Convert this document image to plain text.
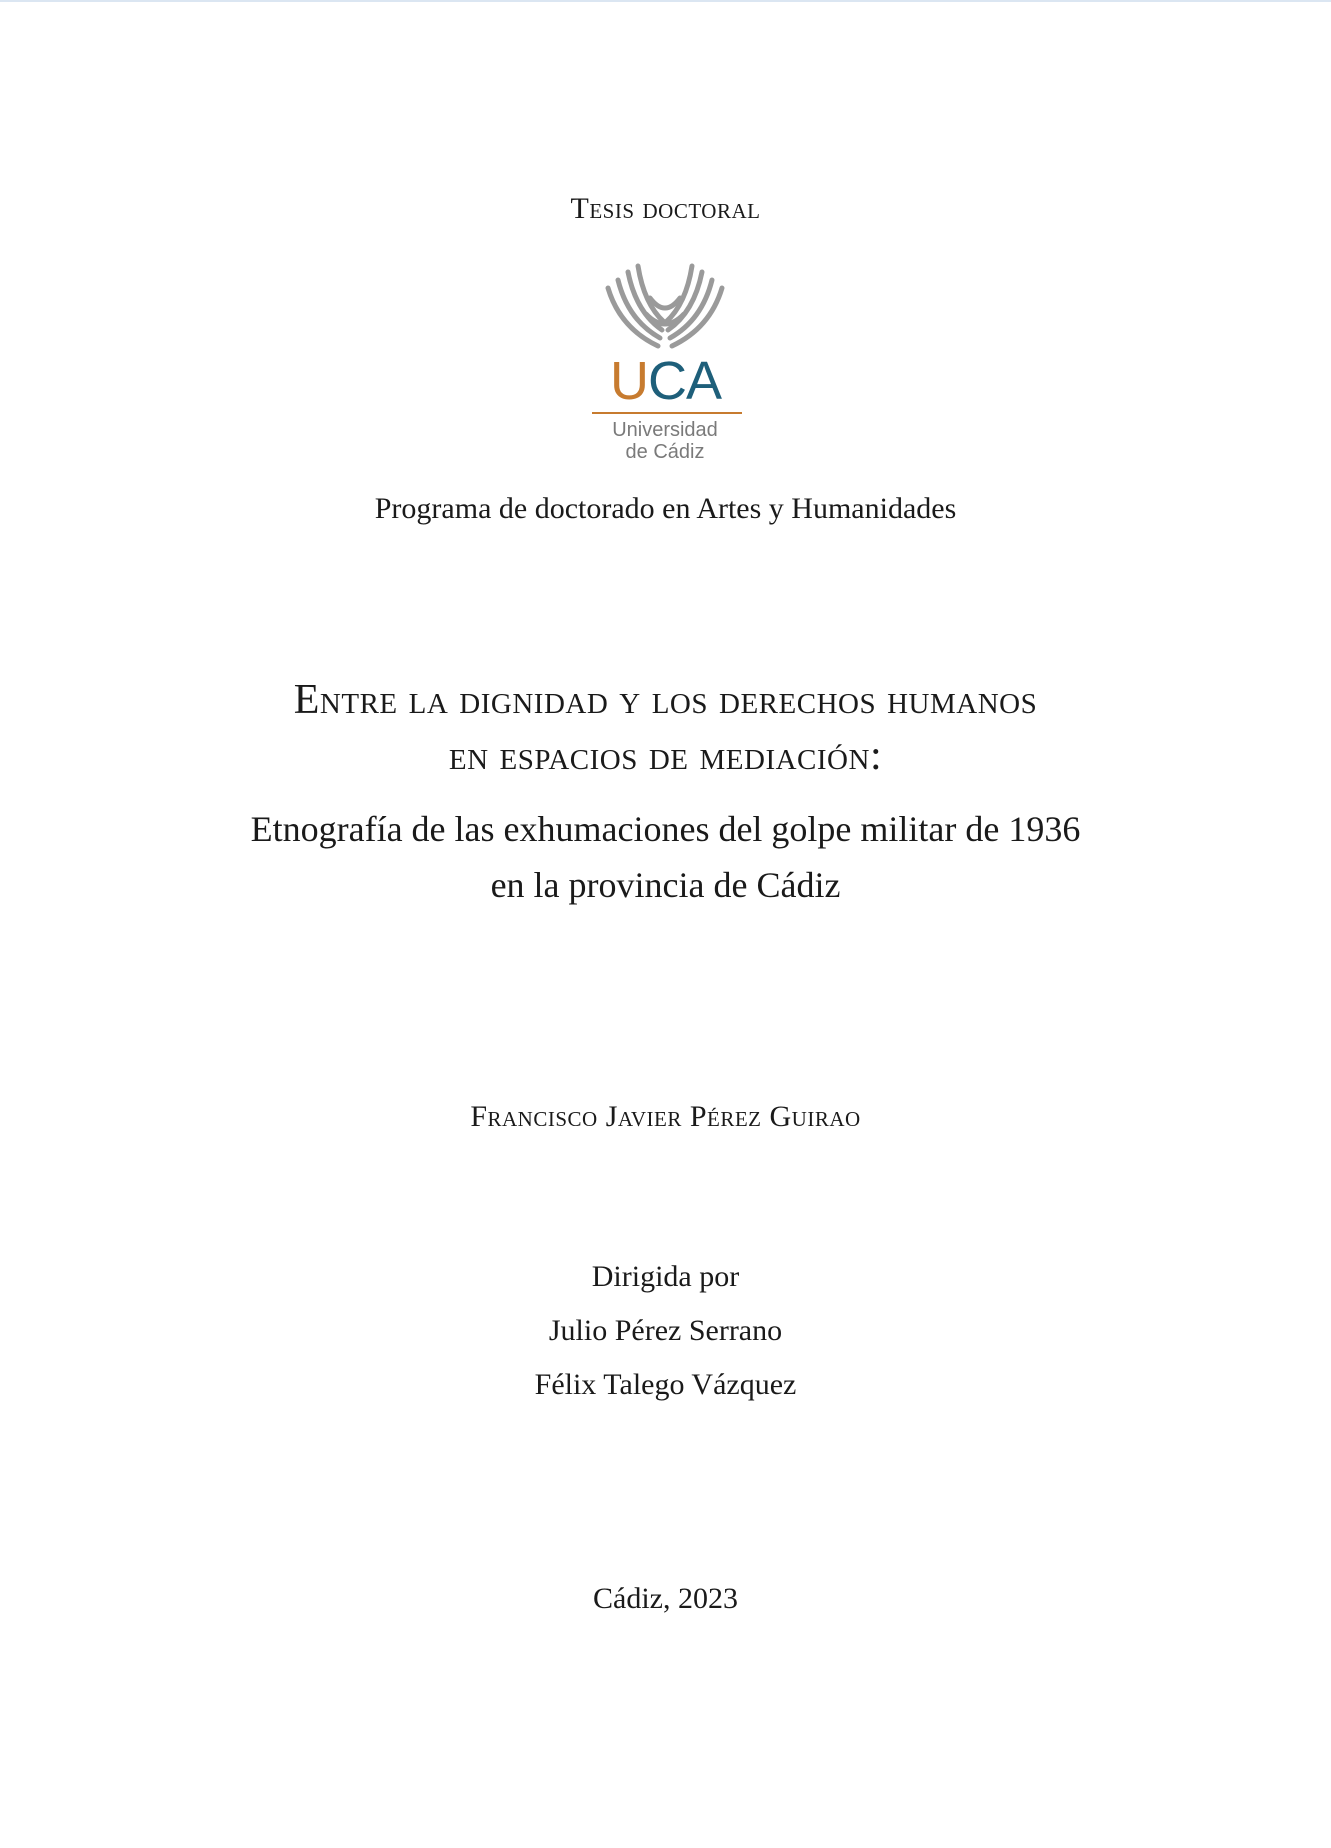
Tesis doctoral
UCA
Universidad
de Cádiz
Programa de doctorado en Artes y Humanidades
Entre la dignidad y los derechos humanos
en espacios de mediación:
Etnografía de las exhumaciones del golpe militar de 1936
en la provincia de Cádiz
Francisco Javier Pérez Guirao
Dirigida por
Julio Pérez Serrano
Félix Talego Vázquez
Cádiz, 2023
